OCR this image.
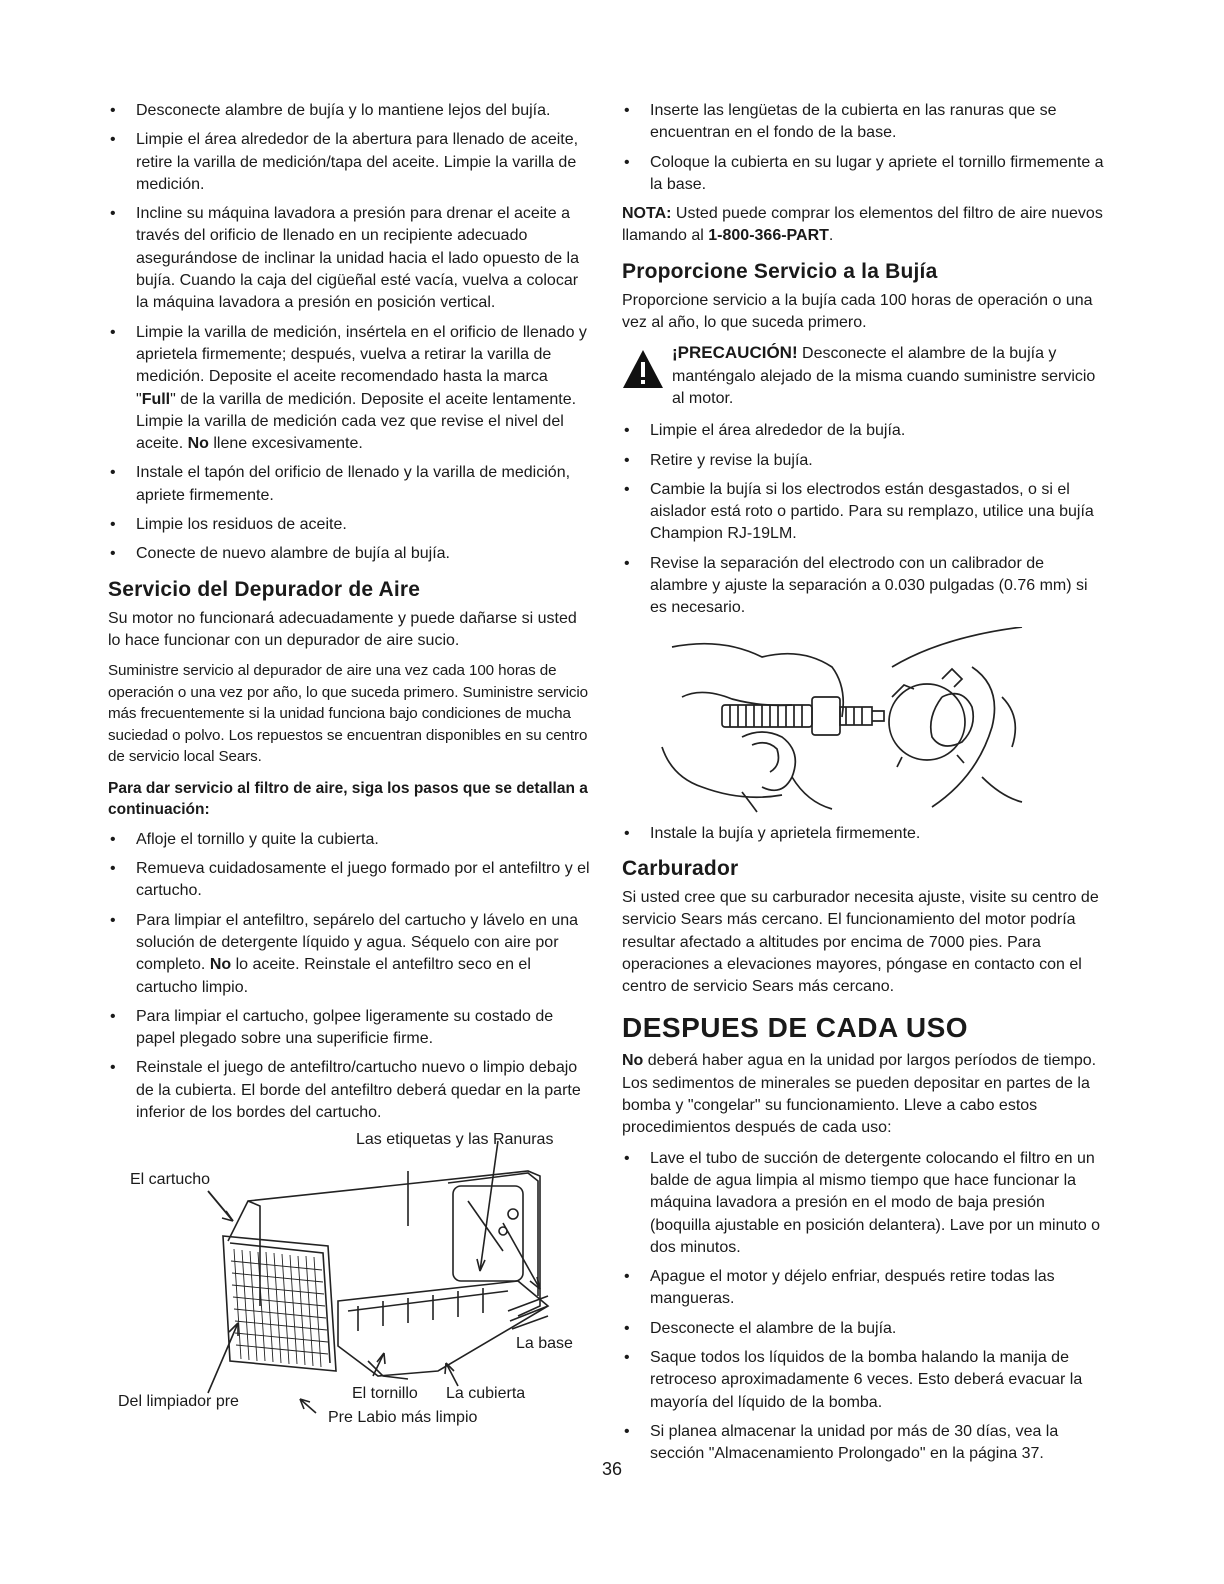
• Desconecte alambre de bujía y lo mantiene lejos del bujía.
• Limpie el área alrededor de la abertura para llenado de aceite, retire la varilla de medición/tapa del aceite. Limpie la varilla de medición.
• Incline su máquina lavadora a presión para drenar el aceite a través del orificio de llenado en un recipiente adecuado asegurándose de inclinar la unidad hacia el lado opuesto de la bujía. Cuando la caja del cigüeñal esté vacía, vuelva a colocar la máquina lavadora a presión en posición vertical.
• Limpie la varilla de medición, insértela en el orificio de llenado y aprietela firmemente; después, vuelva a retirar la varilla de medición. Deposite el aceite recomendado hasta la marca "Full" de la varilla de medición. Deposite el aceite lentamente. Limpie la varilla de medición cada vez que revise el nivel del aceite. No llene excesivamente.
• Instale el tapón del orificio de llenado y la varilla de medición, apriete firmemente.
• Limpie los residuos de aceite.
• Conecte de nuevo alambre de bujía al bujía.
Servicio del Depurador de Aire

Su motor no funcionará adecuadamente y puede dañarse si usted lo hace funcionar con un depurador de aire sucio.

Suministre servicio al depurador de aire una vez cada 100 horas de operación o una vez por año, lo que suceda primero. Suministre servicio más frecuentemente si la unidad funciona bajo condiciones de mucha suciedad o polvo. Los repuestos se encuentran disponibles en su centro de servicio local Sears.

Para dar servicio al filtro de aire, siga los pasos que se detallan a continuación:

• Afloje el tornillo y quite la cubierta.
• Remueva cuidadosamente el juego formado por el antefiltro y el cartucho.
• Para limpiar el antefiltro, sepárelo del cartucho y lávelo en una solución de detergente líquido y agua. Séquelo con aire por completo. No lo aceite. Reinstale el antefiltro seco en el cartucho limpio.
• Para limpiar el cartucho, golpee ligeramente su costado de papel plegado sobre una superificie firme.
• Reinstale el juego de antefiltro/cartucho nuevo o limpio debajo de la cubierta. El borde del antefiltro deberá quedar en la parte inferior de los bordes del cartucho.
Las etiquetas y las Ranuras
El cartucho
La base
Del limpiador pre	El tornillo La cubierta
Pre Labio más limpio
• Inserte las lengüetas de la cubierta en las ranuras que se encuentran en el fondo de la base.
• Coloque la cubierta en su lugar y apriete el tornillo firmemente a la base.

NOTA: Usted puede comprar los elementos del filtro de aire nuevos llamando al 1-800-366-PART.

Proporcione Servicio a la Bujía

Proporcione servicio a la bujía cada 100 horas de operación o una vez al año, lo que suceda primero.

¡PRECAUCIÓN! Desconecte el alambre de la bujía y manténgalo alejado de la misma cuando suministre servicio al motor.
• Limpie el área alrededor de la bujía.
• Retire y revise la bujía.
• Cambie la bujía si los electrodos están desgastados, o si el aislador está roto o partido. Para su remplazo, utilice una bujía Champion RJ-19LM.
• Revise la separación del electrodo con un calibrador de alambre y ajuste la separación a 0.030 pulgadas (0.76 mm) si es necesario.
• Instale la bujía y aprietela firmemente.
Carburador

Si usted cree que su carburador necesita ajuste, visite su centro de servicio Sears más cercano. El funcionamiento del motor podría resultar afectado a altitudes por encima de 7000 pies. Para operaciones a elevaciones mayores, póngase en contacto con el centro de servicio Sears más cercano.

DESPUES DE CADA USO

No deberá haber agua en la unidad por largos períodos de tiempo. Los sedimentos de minerales se pueden depositar en partes de la bomba y "congelar" su funcionamiento. Lleve a cabo estos procedimientos después de cada uso:

• Lave el tubo de succión de detergente colocando el filtro en un balde de agua limpia al mismo tiempo que hace funcionar la máquina lavadora a presión en el modo de baja presión (boquilla ajustable en posición delantera). Lave por un minuto o dos minutos.
• Apague el motor y déjelo enfriar, después retire todas las mangueras.
• Desconecte el alambre de la bujía.
• Saque todos los líquidos de la bomba halando la manija de retroceso aproximadamente 6 veces. Esto deberá evacuar la mayoría del líquido de la bomba.
• Si planea almacenar la unidad por más de 30 días, vea la sección "Almacenamiento Prolongado" en la página 37.
36
